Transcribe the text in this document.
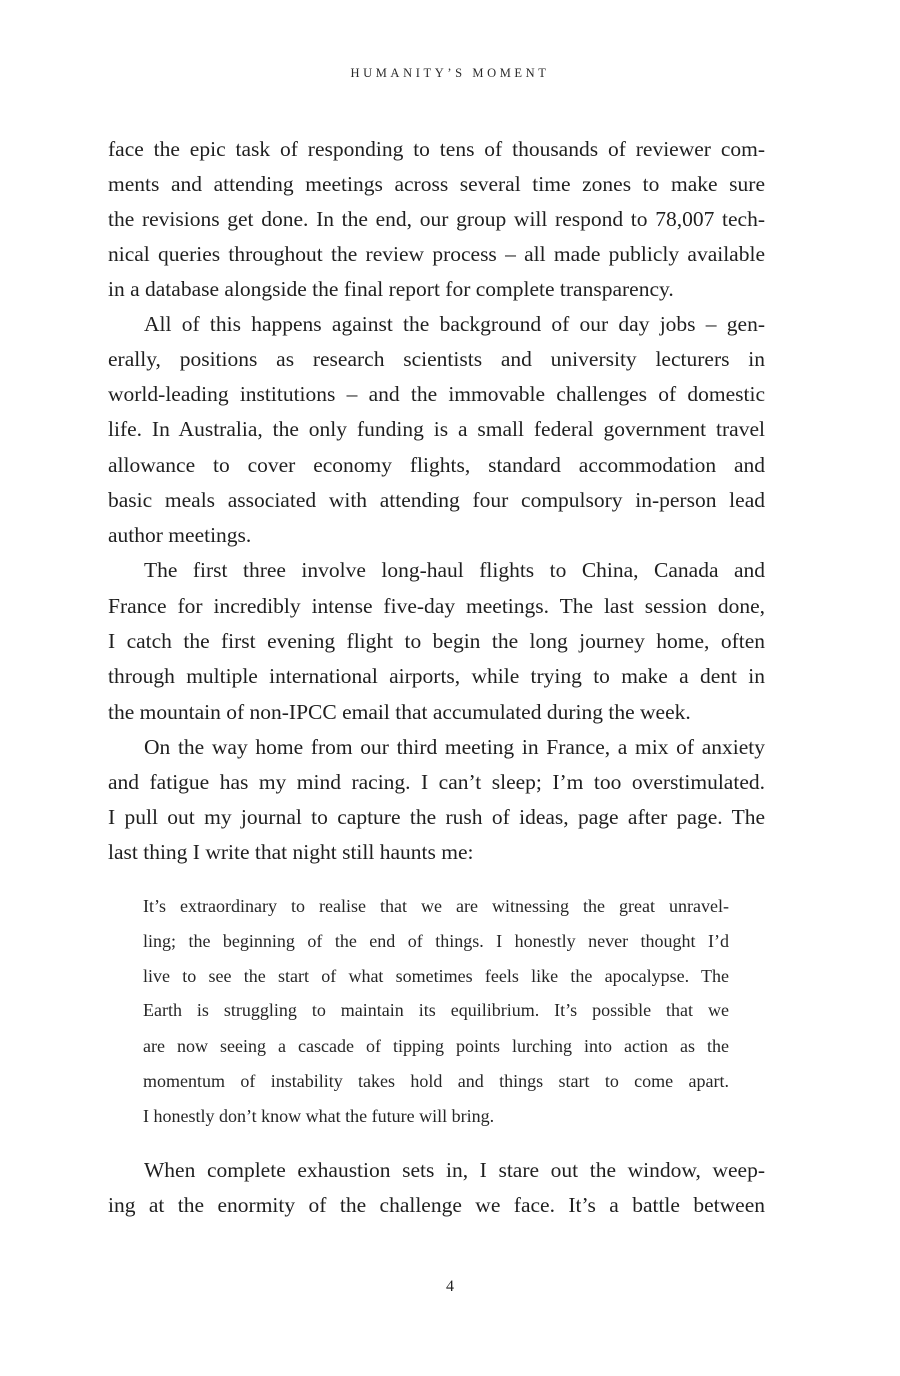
HUMANITY’S MOMENT
face the epic task of responding to tens of thousands of reviewer com-
ments and attending meetings across several time zones to make sure
the revisions get done. In the end, our group will respond to 78,007 tech-
nical queries throughout the review process – all made publicly available
in a database alongside the final report for complete transparency.
All of this happens against the background of our day jobs – gen-
erally, positions as research scientists and university lecturers in
world-leading institutions – and the immovable challenges of domestic
life. In Australia, the only funding is a small federal government travel
allowance to cover economy flights, standard accommodation and
basic meals associated with attending four compulsory in-person lead
author meetings.
The first three involve long-haul flights to China, Canada and
France for incredibly intense five-day meetings. The last session done,
I catch the first evening flight to begin the long journey home, often
through multiple international airports, while trying to make a dent in
the mountain of non-IPCC email that accumulated during the week.
On the way home from our third meeting in France, a mix of anxiety
and fatigue has my mind racing. I can’t sleep; I’m too overstimulated.
I pull out my journal to capture the rush of ideas, page after page. The
last thing I write that night still haunts me:
It’s extraordinary to realise that we are witnessing the great unravel-
ling; the beginning of the end of things. I honestly never thought I’d
live to see the start of what sometimes feels like the apocalypse. The
Earth is struggling to maintain its equilibrium. It’s possible that we
are now seeing a cascade of tipping points lurching into action as the
momentum of instability takes hold and things start to come apart.
I honestly don’t know what the future will bring.
When complete exhaustion sets in, I stare out the window, weep-
ing at the enormity of the challenge we face. It’s a battle between
4
